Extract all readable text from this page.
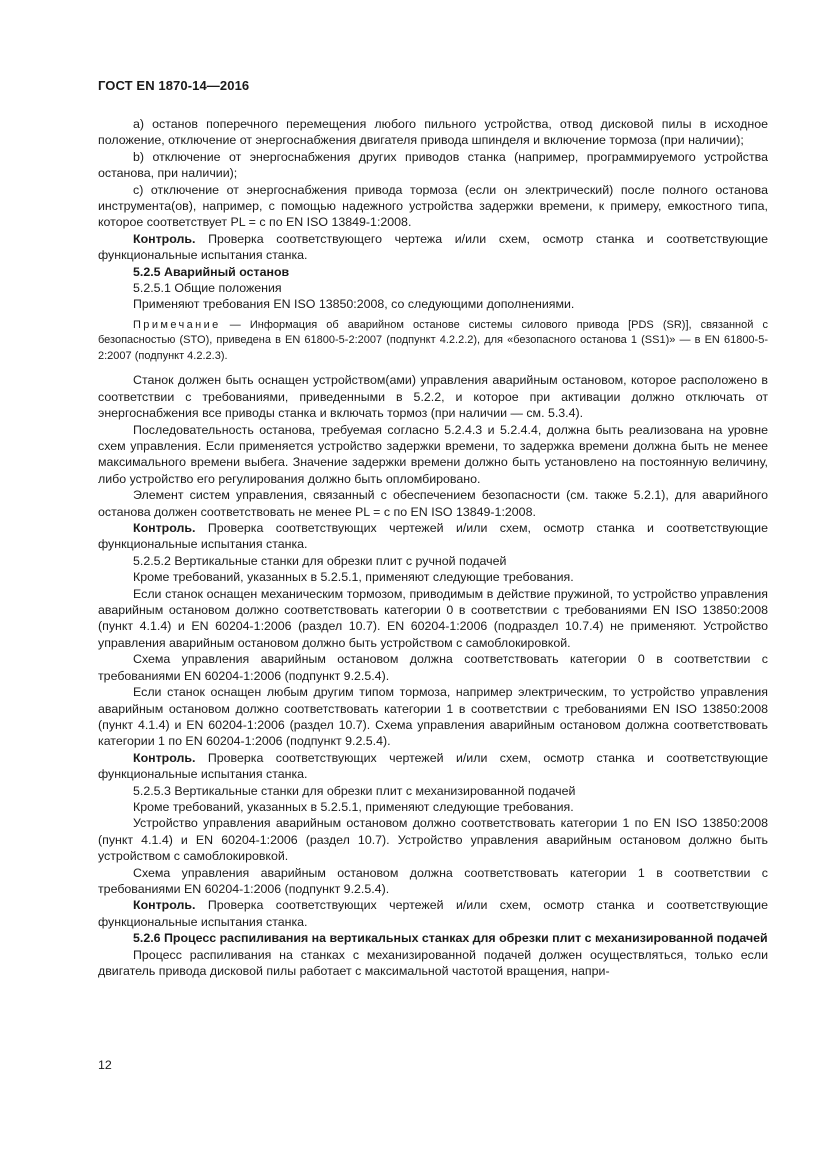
ГОСТ EN 1870-14—2016

а) останов поперечного перемещения любого пильного устройства, отвод дисковой пилы в исходное положение, отключение от энергоснабжения двигателя привода шпинделя и включение тормоза (при наличии);

b) отключение от энергоснабжения других приводов станка (например, программируемого устройства останова, при наличии);

c) отключение от энергоснабжения привода тормоза (если он электрический) после полного останова инструмента(ов), например, с помощью надежного устройства задержки времени, к примеру, емкостного типа, которое соответствует PL = с по EN ISO 13849-1:2008.

Контроль. Проверка соответствующего чертежа и/или схем, осмотр станка и соответствующие функциональные испытания станка.

5.2.5 Аварийный останов

5.2.5.1 Общие положения

Применяют требования EN ISO 13850:2008, со следующими дополнениями.

Примечание — Информация об аварийном останове системы силового привода [PDS (SR)], связанной с безопасностью (STO), приведена в EN 61800-5-2:2007 (подпункт 4.2.2.2), для «безопасного останова 1 (SS1)» — в EN 61800-5-2:2007 (подпункт 4.2.2.3).

Станок должен быть оснащен устройством(ами) управления аварийным остановом, которое расположено в соответствии с требованиями, приведенными в 5.2.2, и которое при активации должно отключать от энергоснабжения все приводы станка и включать тормоз (при наличии — см. 5.3.4).

Последовательность останова, требуемая согласно 5.2.4.3 и 5.2.4.4, должна быть реализована на уровне схем управления. Если применяется устройство задержки времени, то задержка времени должна быть не менее максимального времени выбега. Значение задержки времени должно быть установлено на постоянную величину, либо устройство его регулирования должно быть опломбировано.

Элемент систем управления, связанный с обеспечением безопасности (см. также 5.2.1), для аварийного останова должен соответствовать не менее PL = с по EN ISO 13849-1:2008.

Контроль. Проверка соответствующих чертежей и/или схем, осмотр станка и соответствующие функциональные испытания станка.

5.2.5.2 Вертикальные станки для обрезки плит с ручной подачей

Кроме требований, указанных в 5.2.5.1, применяют следующие требования.

Если станок оснащен механическим тормозом, приводимым в действие пружиной, то устройство управления аварийным остановом должно соответствовать категории 0 в соответствии с требованиями EN ISO 13850:2008 (пункт 4.1.4) и EN 60204-1:2006 (раздел 10.7). EN 60204-1:2006 (подраздел 10.7.4) не применяют. Устройство управления аварийным остановом должно быть устройством с самоблокировкой.

Схема управления аварийным остановом должна соответствовать категории 0 в соответствии с требованиями EN 60204-1:2006 (подпункт 9.2.5.4).

Если станок оснащен любым другим типом тормоза, например электрическим, то устройство управления аварийным остановом должно соответствовать категории 1 в соответствии с требованиями EN ISO 13850:2008 (пункт 4.1.4) и EN 60204-1:2006 (раздел 10.7). Схема управления аварийным остановом должна соответствовать категории 1 по EN 60204-1:2006 (подпункт 9.2.5.4).

Контроль. Проверка соответствующих чертежей и/или схем, осмотр станка и соответствующие функциональные испытания станка.

5.2.5.3 Вертикальные станки для обрезки плит с механизированной подачей

Кроме требований, указанных в 5.2.5.1, применяют следующие требования.

Устройство управления аварийным остановом должно соответствовать категории 1 по EN ISO 13850:2008 (пункт 4.1.4) и EN 60204-1:2006 (раздел 10.7). Устройство управления аварийным остановом должно быть устройством с самоблокировкой.

Схема управления аварийным остановом должна соответствовать категории 1 в соответствии с требованиями EN 60204-1:2006 (подпункт 9.2.5.4).

Контроль. Проверка соответствующих чертежей и/или схем, осмотр станка и соответствующие функциональные испытания станка.

5.2.6 Процесс распиливания на вертикальных станках для обрезки плит с механизированной подачей

Процесс распиливания на станках с механизированной подачей должен осуществляться, только если двигатель привода дисковой пилы работает с максимальной частотой вращения, напри-

12
